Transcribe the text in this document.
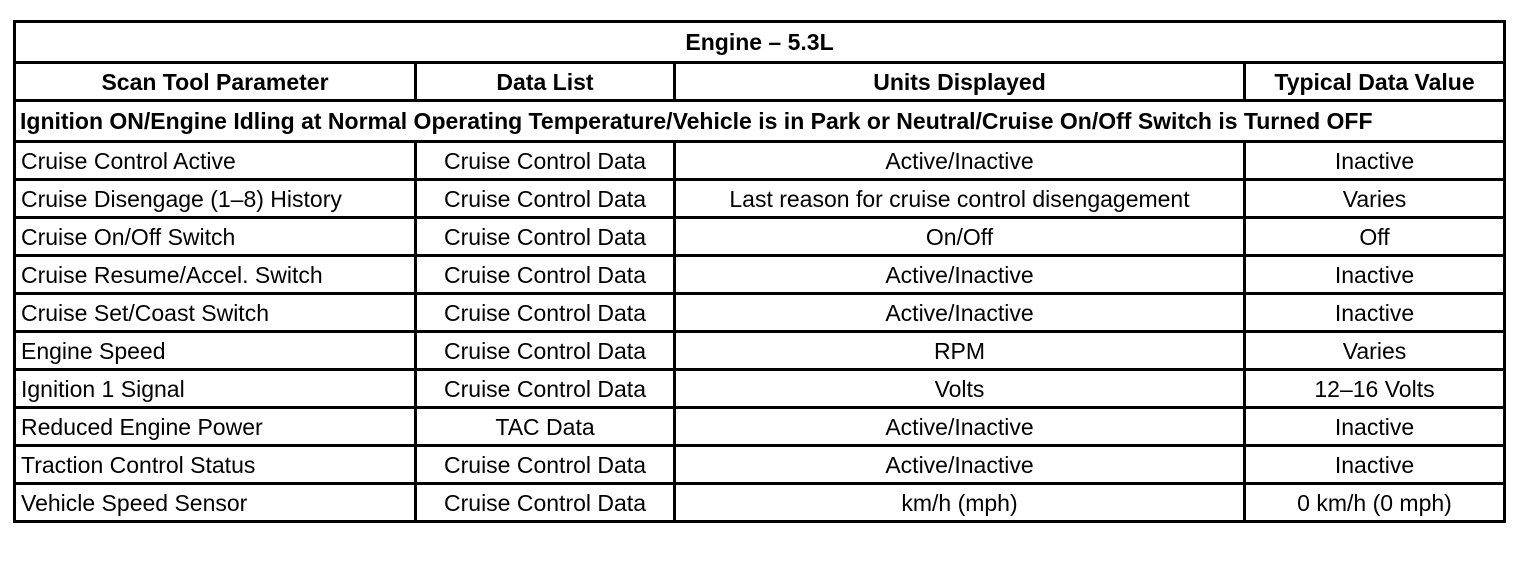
Engine – 5.3L			
Scan Tool Parameter	Data List	Units Displayed	Typical Data Value
Ignition ON/Engine Idling at Normal Operating Temperature/Vehicle is in Park or Neutral/Cruise On/Off Switch is Turned OFF			
Cruise Control Active	Cruise Control Data	Active/Inactive	Inactive
Cruise Disengage (1–8) History	Cruise Control Data	Last reason for cruise control disengagement	Varies
Cruise On/Off Switch	Cruise Control Data	On/Off	Off
Cruise Resume/Accel. Switch	Cruise Control Data	Active/Inactive	Inactive
Cruise Set/Coast Switch	Cruise Control Data	Active/Inactive	Inactive
Engine Speed	Cruise Control Data	RPM	Varies
Ignition 1 Signal	Cruise Control Data	Volts	12–16 Volts
Reduced Engine Power	TAC Data	Active/Inactive	Inactive
Traction Control Status	Cruise Control Data	Active/Inactive	Inactive
Vehicle Speed Sensor	Cruise Control Data	km/h (mph)	0 km/h (0 mph)
